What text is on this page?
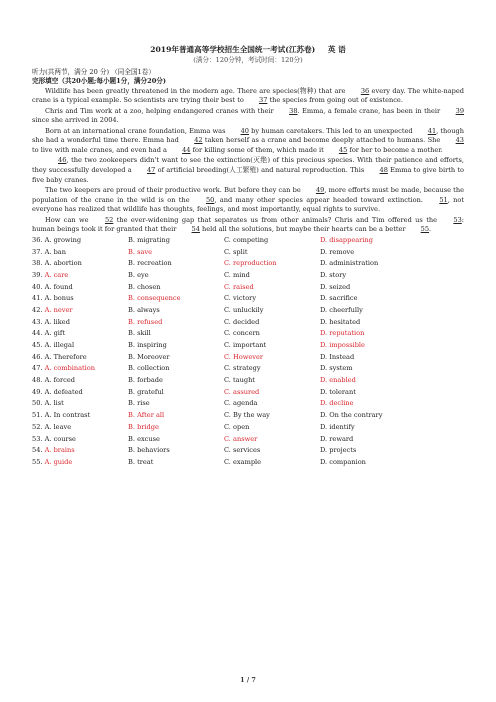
2019年普通高等学校招生全国统一考试(江苏卷) 英 语
(满分：120分钟，考试时间：120分)
听力(共两节，满分 20 分) （同全国1卷）
完形填空（共20小题;每小题1分，满分20分)

Wildlife has been greatly threatened in the modern age. There are species(物种) that are 36 every day. The white-naped crane is a typical example. So scientists are trying their best to 37 the species from going out of existence.

Chris and Tim work at a zoo, helping endangered cranes with their 38. Emma, a female crane, has been in their 39 since she arrived in 2004.

Born at an international crane foundation, Emma was 40 by human caretakers. This led to an unexpected 41, though she had a wonderful time there. Emma had 42 taken herself as a crane and become deeply attached to humans. She 43 to live with male cranes, and even had a 44 for killing some of them, which made it 45 for her to become a mother.

46, the two zookeepers didn't want to see the extinction(灭绝) of this precious species. With their patience and efforts, they successfully developed a 47 of artificial breeding(人工繁殖) and natural reproduction. This 48 Emma to give birth to five baby cranes.

The two keepers are proud of their productive work. But before they can be 49, more efforts must be made, because the population of the crane in the wild is on the 50, and many other species appear headed toward extinction. 51, not everyone has realized that wildlife has thoughts, feelings, and most importantly, equal rights to survive.

How can we 52 the ever-widening gap that separates us from other animals? Chris and Tim offered us the 53: human beings took it for granted that their 54 held all the solutions, but maybe their hearts can be a better 55.

36. A. growing	B. migrating	C. competing	D. disappearing
37. A. ban	B. save	C. split	D. remove
38. A. abortion	B. recreation	C. reproduction	D. administration
39. A. care	B. eye	C. mind	D. story
40. A. found	B. chosen	C. raised	D. seized
41. A. bonus	B. consequence	C. victory	D. sacrifice
42. A. never	B. always	C. unluckily	D. cheerfully
43. A. liked	B. refused	C. decided	D. hesitated
44. A. gift	B. skill	C. concern	D. reputation
45. A. illegal	B. inspiring	C. important	D. impossible
46. A. Therefore	B. Moreover	C. However	D. Instead
47. A. combination	B. collection	C. strategy	D. system
48. A. forced	B. forbade	C. taught	D. enabled
49. A. defeated	B. grateful	C. assured	D. tolerant
50. A. list	B. rise	C. agenda	D. decline
51. A. In contrast	B. After all	C. By the way	D. On the contrary
52. A. leave	B. bridge	C. open	D. identify
53. A. course	B. excuse	C. answer	D. reward
54. A. brains	B. behaviors	C. services	D. projects
55. A. guide	B. treat	C. example	D. companion
1 / 7
